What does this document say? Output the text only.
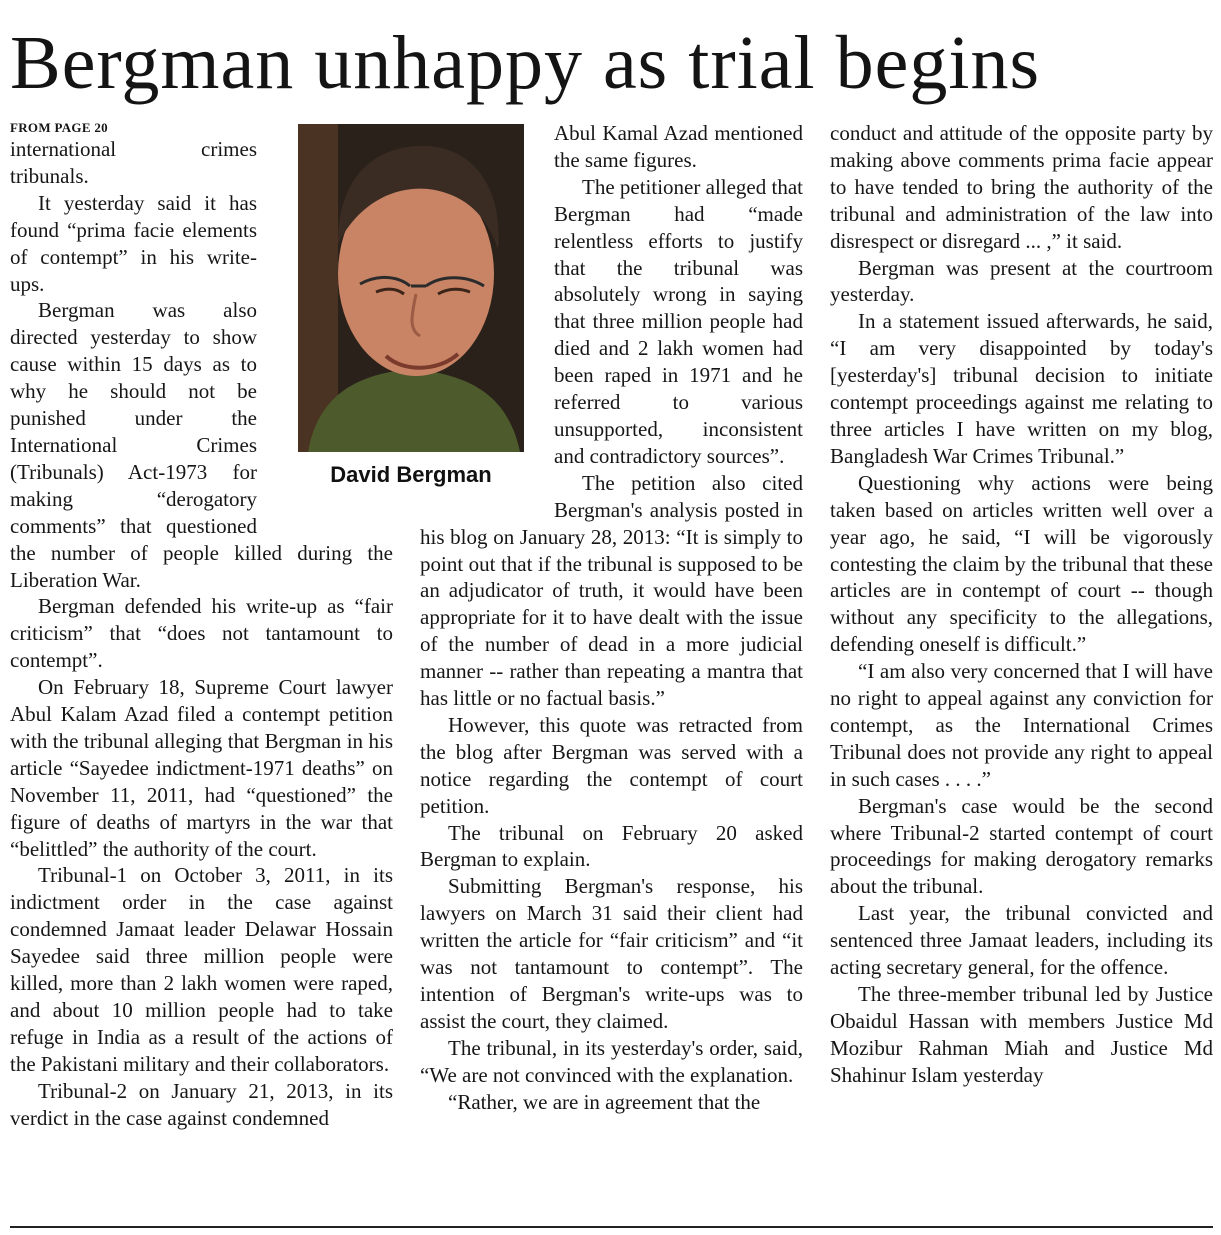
Bergman unhappy as trial begins
FROM PAGE 20

international crimes tribunals.

It yesterday said it has found “prima facie elements of contempt” in his write-ups.

Bergman was also directed yesterday to show cause within 15 days as to why he should not be punished under the International Crimes (Tribunals) Act-1973 for making “derogatory comments” that questioned the number of people killed during the Liberation War.

Bergman defended his write-up as “fair criticism” that “does not tantamount to contempt”.

On February 18, Supreme Court lawyer Abul Kalam Azad filed a contempt petition with the tribunal alleging that Bergman in his article “Sayedee indictment-1971 deaths” on November 11, 2011, had “questioned” the figure of deaths of martyrs in the war that “belittled” the authority of the court.

Tribunal-1 on October 3, 2011, in its indictment order in the case against condemned Jamaat leader Delawar Hossain Sayedee said three million people were killed, more than 2 lakh women were raped, and about 10 million people had to take refuge in India as a result of the actions of the Pakistani military and their collaborators.

Tribunal-2 on January 21, 2013, in its verdict in the case against condemned

Abul Kamal Azad mentioned the same figures.

The petitioner alleged that Bergman had “made relentless efforts to justify that the tribunal was absolutely wrong in saying that three million people had died and 2 lakh women had been raped in 1971 and he referred to various unsupported, inconsistent and contradictory sources”.

The petition also cited Bergman's analysis posted in his blog on January 28, 2013: “It is simply to point out that if the tribunal is supposed to be an adjudicator of truth, it would have been appropriate for it to have dealt with the issue of the number of dead in a more judicial manner -- rather than repeating a mantra that has little or no factual basis.”

However, this quote was retracted from the blog after Bergman was served with a notice regarding the contempt of court petition.

The tribunal on February 20 asked Bergman to explain.

Submitting Bergman's response, his lawyers on March 31 said their client had written the article for “fair criticism” and “it was not tantamount to contempt”. The intention of Bergman's write-ups was to assist the court, they claimed.

The tribunal, in its yesterday's order, said, “We are not convinced with the explanation.

“Rather, we are in agreement that the

conduct and attitude of the opposite party by making above comments prima facie appear to have tended to bring the authority of the tribunal and administration of the law into disrespect or disregard ... ,” it said.

Bergman was present at the courtroom yesterday.

In a statement issued afterwards, he said, “I am very disappointed by today's [yesterday's] tribunal decision to initiate contempt proceedings against me relating to three articles I have written on my blog, Bangladesh War Crimes Tribunal.”

Questioning why actions were being taken based on articles written well over a year ago, he said, “I will be vigorously contesting the claim by the tribunal that these articles are in contempt of court -- though without any specificity to the allegations, defending oneself is difficult.”

“I am also very concerned that I will have no right to appeal against any conviction for contempt, as the International Crimes Tribunal does not provide any right to appeal in such cases . . . .”

Bergman's case would be the second where Tribunal-2 started contempt of court proceedings for making derogatory remarks about the tribunal.

Last year, the tribunal convicted and sentenced three Jamaat leaders, including its acting secretary general, for the offence.

The three-member tribunal led by Justice Obaidul Hassan with members Justice Md Mozibur Rahman Miah and Justice Md Shahinur Islam yesterday

David Bergman
